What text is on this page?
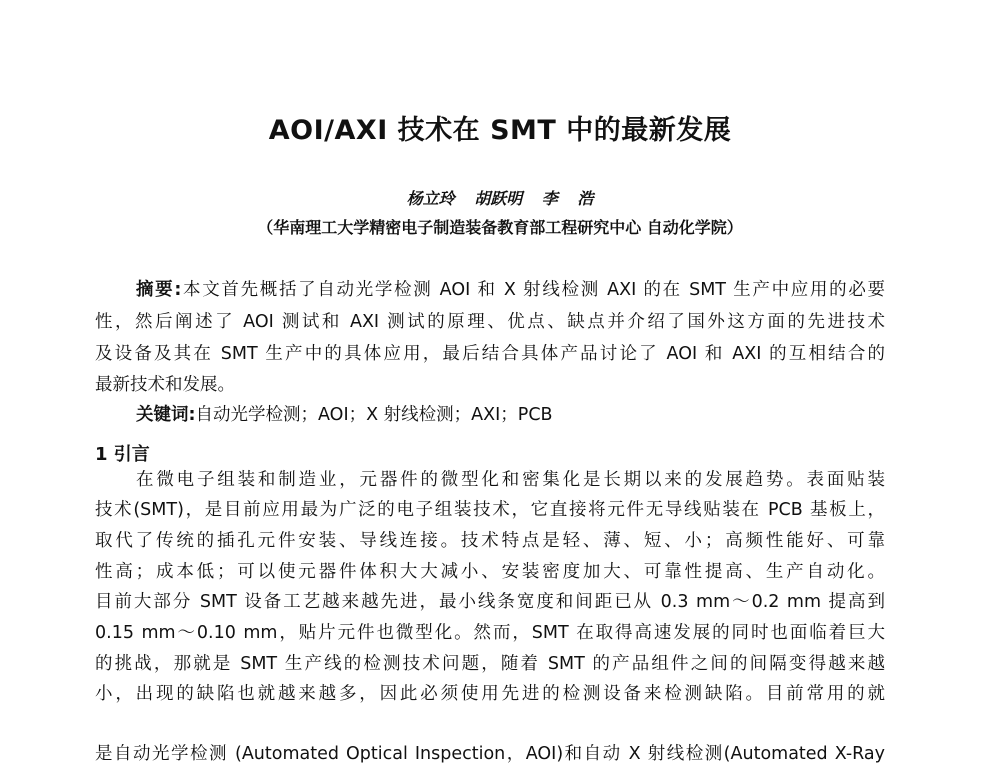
AOI/AXI 技术在 SMT 中的最新发展
杨立玲 胡跃明 李 浩
（华南理工大学精密电子制造装备教育部工程研究中心 自动化学院）
摘要:本文首先概括了自动光学检测 AOI 和 X 射线检测 AXI 的在 SMT 生产中应用的必要
性，然后阐述了 AOI 测试和 AXI 测试的原理、优点、缺点并介绍了国外这方面的先进技术
及设备及其在 SMT 生产中的具体应用，最后结合具体产品讨论了 AOI 和 AXI 的互相结合的
最新技术和发展。
关键词:自动光学检测；AOI；X 射线检测；AXI；PCB
1 引言
在微电子组装和制造业，元器件的微型化和密集化是长期以来的发展趋势。表面贴装
技术(SMT)，是目前应用最为广泛的电子组装技术，它直接将元件无导线贴装在 PCB 基板上，
取代了传统的插孔元件安装、导线连接。技术特点是轻、薄、短、小；高频性能好、可靠
性高；成本低；可以使元器件体积大大减小、安装密度加大、可靠性提高、生产自动化。
目前大部分 SMT 设备工艺越来越先进，最小线条宽度和间距已从 0.3 mm～0.2 mm 提高到
0.15 mm～0.10 mm，贴片元件也微型化。然而，SMT 在取得高速发展的同时也面临着巨大
的挑战，那就是 SMT 生产线的检测技术问题，随着 SMT 的产品组件之间的间隔变得越来越
小，出现的缺陷也就越来越多，因此必须使用先进的检测设备来检测缺陷。目前常用的就
是自动光学检测 (Automated Optical Inspection，AOI)和自动 X 射线检测(Automated X-Ray
